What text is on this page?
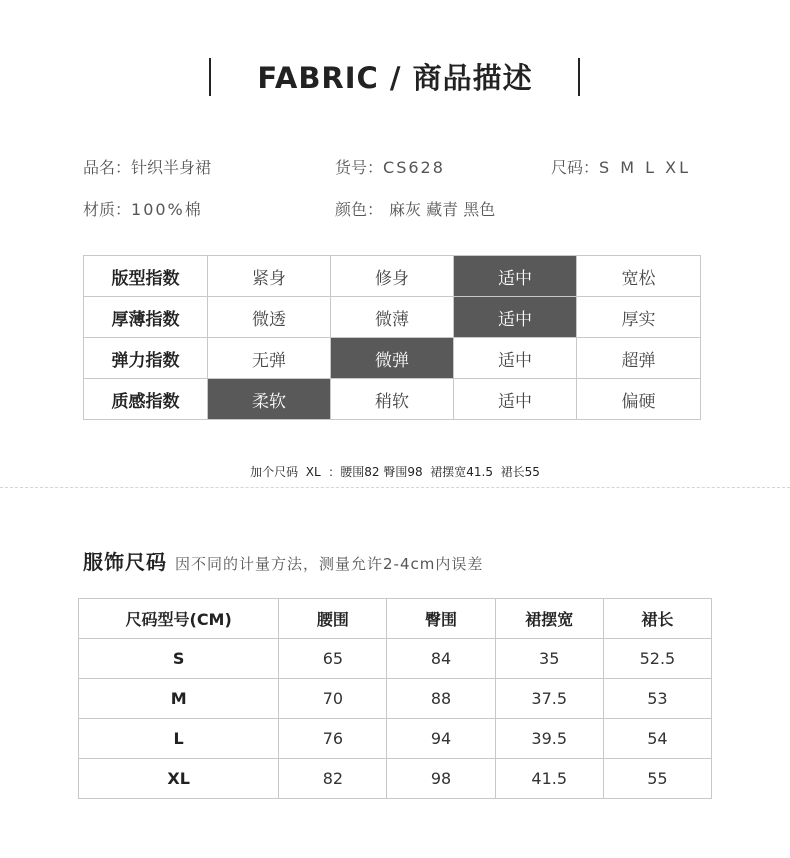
FABRIC / 商品描述
品名：针织半身裙	货号：CS628	尺码：S M L XL
材质：100%棉	颜色： 麻灰 藏青 黑色
版型指数	紧身	修身	适中	宽松
厚薄指数	微透	微薄	适中	厚实
弹力指数	无弹	微弹	适中	超弹
质感指数	柔软	稍软	适中	偏硬
加个尺码  XL  ：腰围82 臀围98  裙摆宽41.5  裙长55
服饰尺码 因不同的计量方法，测量允许2-4cm内误差
尺码型号(CM)	腰围	臀围	裙摆宽	裙长
S	65	84	35	52.5
M	70	88	37.5	53
L	76	94	39.5	54
XL	82	98	41.5	55
